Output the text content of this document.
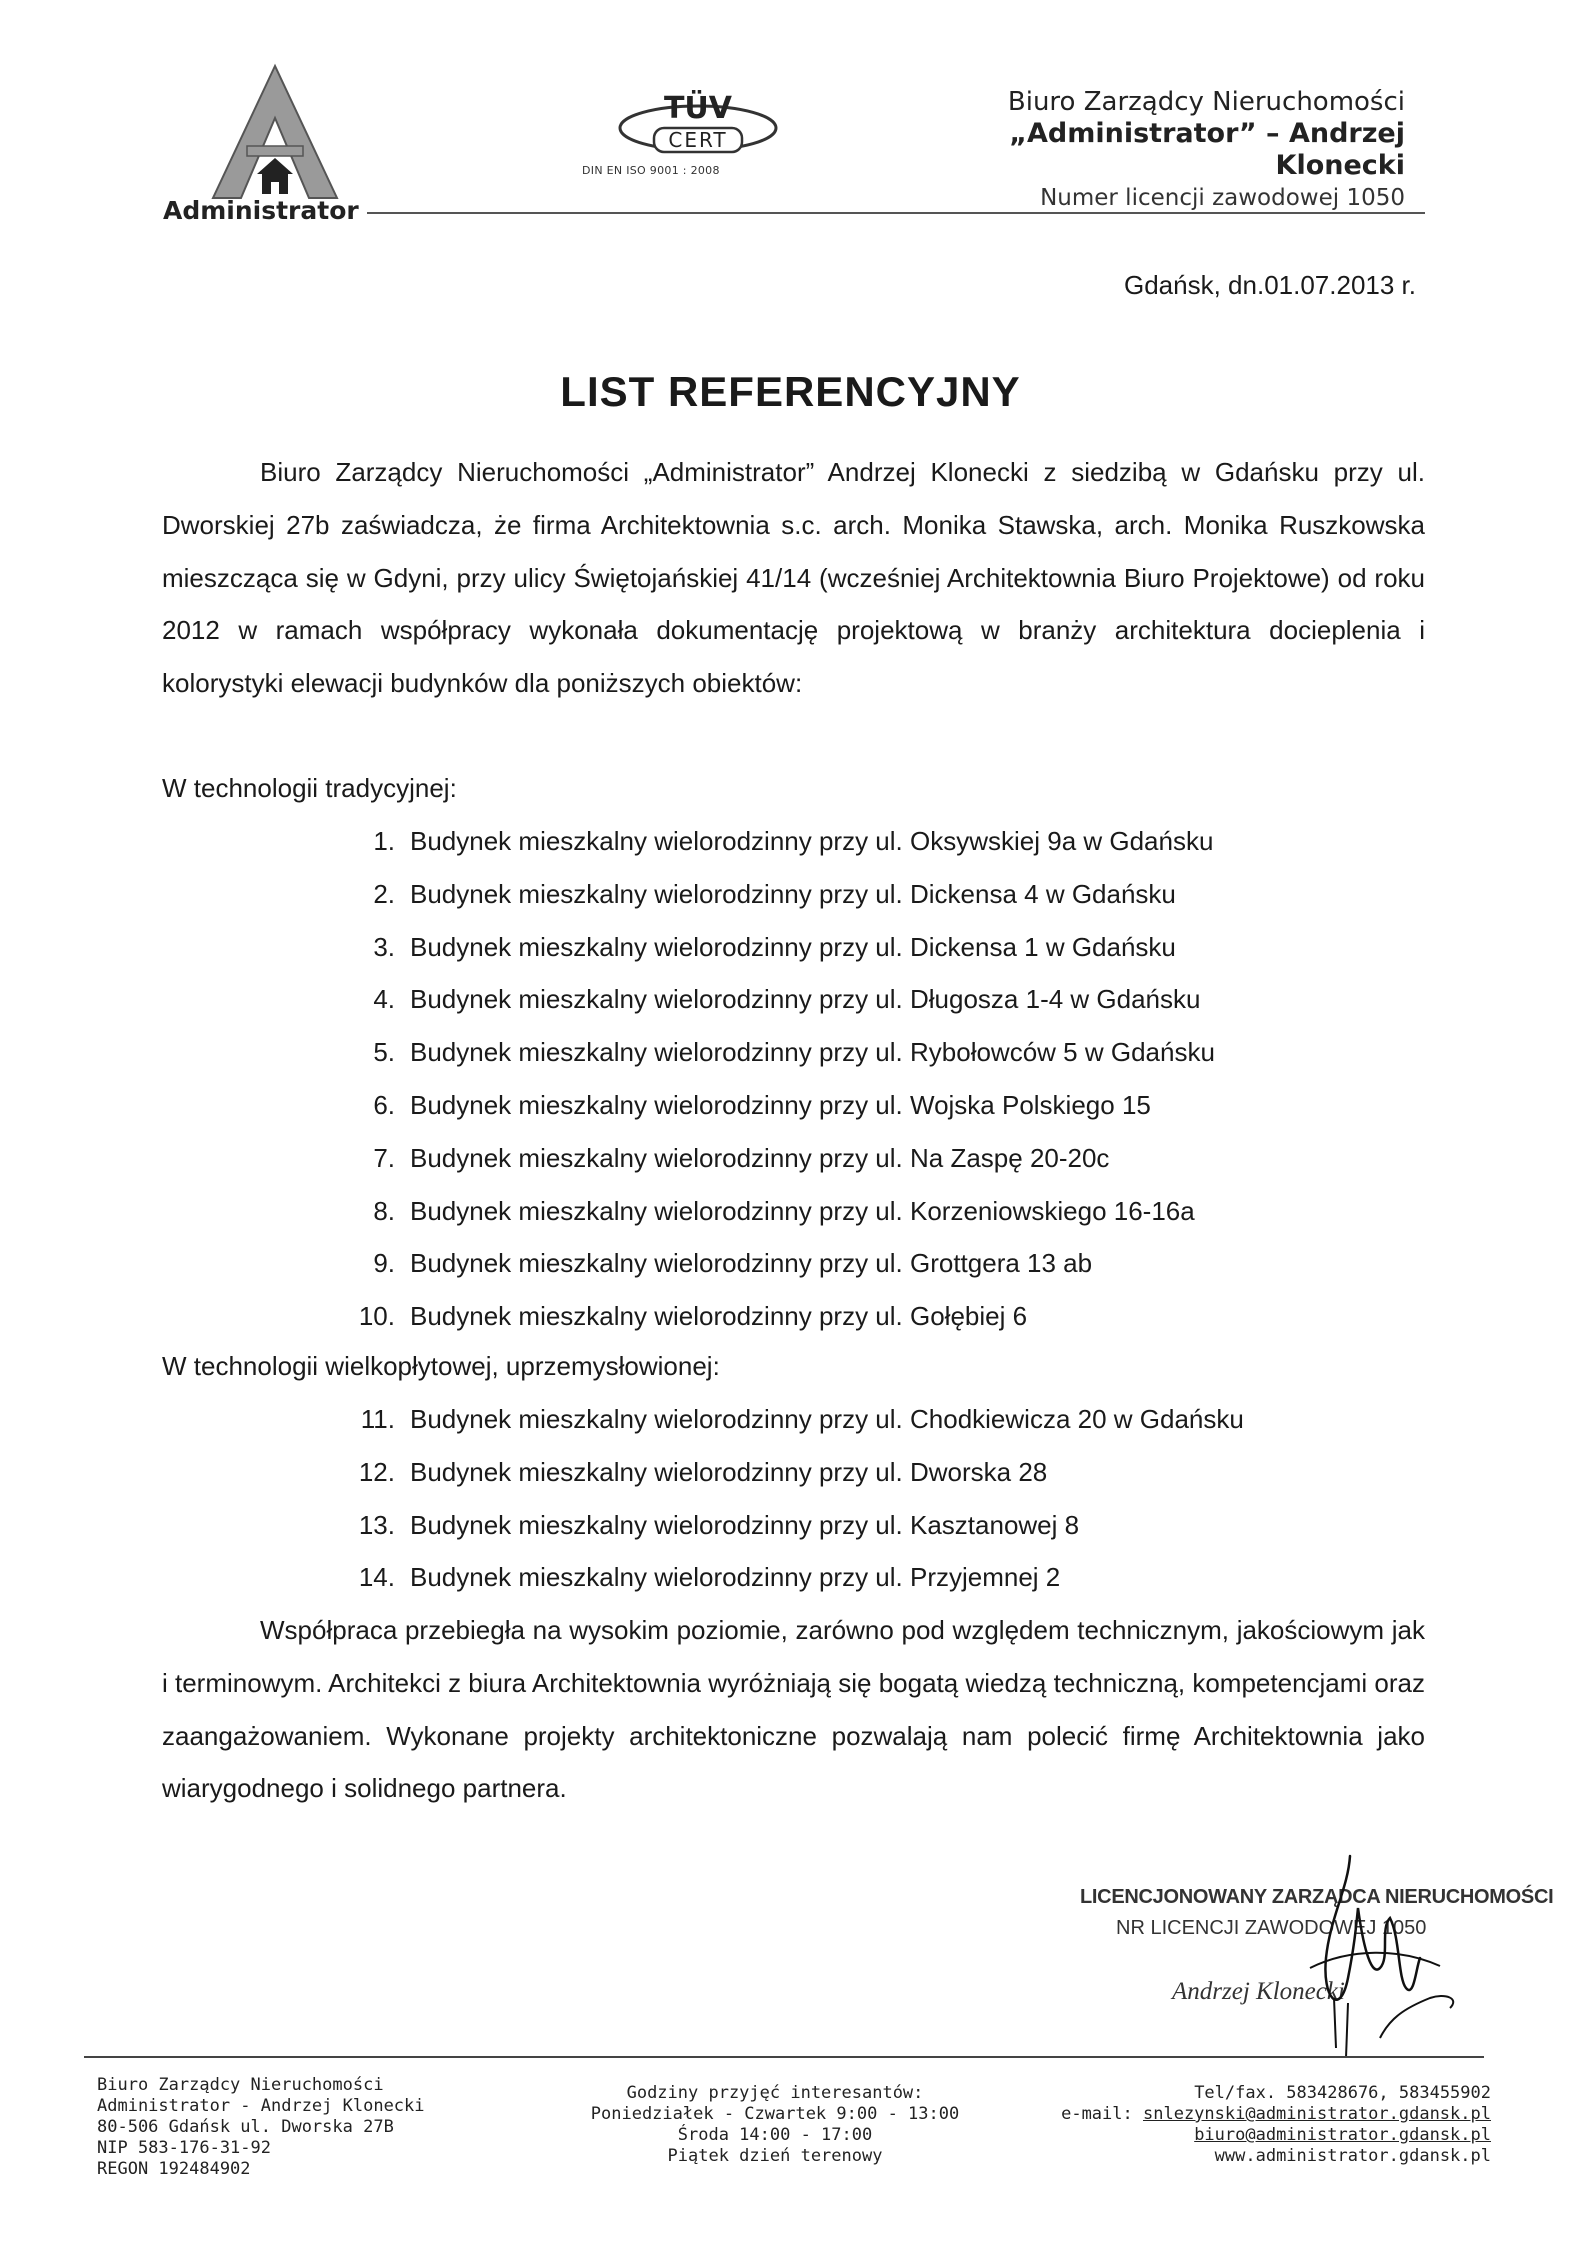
Administrator
TÜV
CERT
DIN EN ISO 9001 : 2008
Biuro Zarządcy Nieruchomości
„Administrator” – Andrzej Klonecki
Numer licencji zawodowej 1050
Gdańsk, dn.01.07.2013 r.
LIST REFERENCYJNY

Biuro Zarządcy Nieruchomości „Administrator” Andrzej Klonecki z siedzibą w Gdańsku przy ul. Dworskiej 27b zaświadcza, że firma Architektownia s.c. arch. Monika Stawska, arch. Monika Ruszkowska mieszcząca się w Gdyni, przy ulicy Świętojańskiej 41/14 (wcześniej Architektownia Biuro Projektowe) od roku 2012 w ramach współpracy wykonała dokumentację projektową w branży architektura docieplenia i kolorystyki elewacji budynków dla poniższych obiektów:

W technologii tradycyjnej:
1. Budynek mieszkalny wielorodzinny przy ul. Oksywskiej 9a w Gdańsku
2. Budynek mieszkalny wielorodzinny przy ul. Dickensa 4 w Gdańsku
3. Budynek mieszkalny wielorodzinny przy ul. Dickensa 1 w Gdańsku
4. Budynek mieszkalny wielorodzinny przy ul. Długosza 1-4 w Gdańsku
5. Budynek mieszkalny wielorodzinny przy ul. Rybołowców 5 w Gdańsku
6. Budynek mieszkalny wielorodzinny przy ul. Wojska Polskiego 15
7. Budynek mieszkalny wielorodzinny przy ul. Na Zaspę 20-20c
8. Budynek mieszkalny wielorodzinny przy ul. Korzeniowskiego 16-16a
9. Budynek mieszkalny wielorodzinny przy ul. Grottgera 13 ab
10. Budynek mieszkalny wielorodzinny przy ul. Gołębiej 6
W technologii wielkopłytowej, uprzemysłowionej:
11. Budynek mieszkalny wielorodzinny przy ul. Chodkiewicza 20 w Gdańsku
12. Budynek mieszkalny wielorodzinny przy ul. Dworska 28
13. Budynek mieszkalny wielorodzinny przy ul. Kasztanowej 8
14. Budynek mieszkalny wielorodzinny przy ul. Przyjemnej 2

Współpraca przebiegła na wysokim poziomie, zarówno pod względem technicznym, jakościowym jak i terminowym. Architekci z biura Architektownia wyróżniają się bogatą wiedzą techniczną, kompetencjami oraz zaangażowaniem. Wykonane projekty architektoniczne pozwalają nam polecić firmę Architektownia jako wiarygodnego i solidnego partnera.

LICENCJONOWANY ZARZĄDCA NIERUCHOMOŚCI
NR LICENCJI ZAWODOWEJ 1050
Andrzej Klonecki
Biuro Zarządcy Nieruchomości
Administrator - Andrzej Klonecki
80-506 Gdańsk ul. Dworska 27B
NIP 583-176-31-92
REGON 192484902
Godziny przyjęć interesantów:
Poniedziałek - Czwartek 9:00 - 13:00
Środa 14:00 - 17:00
Piątek dzień terenowy
Tel/fax. 583428676, 583455902
e-mail: snlezynski@administrator.gdansk.pl
biuro@administrator.gdansk.pl
www.administrator.gdansk.pl
